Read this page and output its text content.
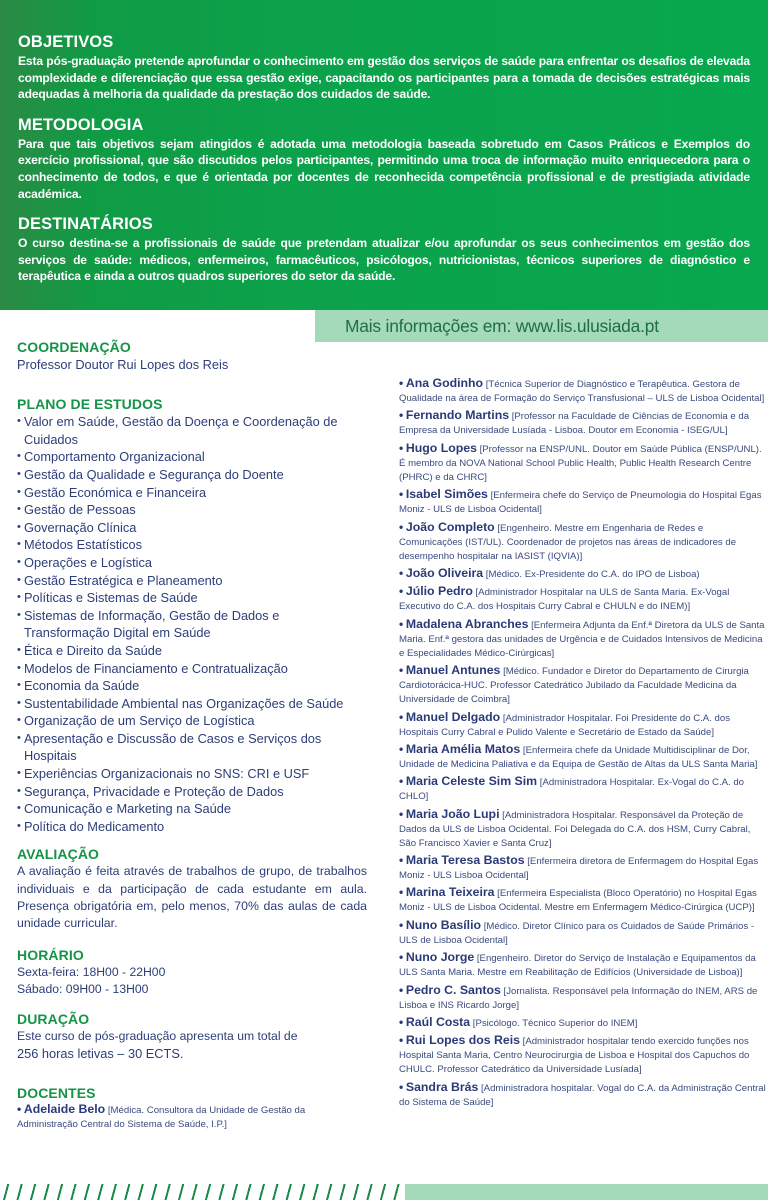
OBJETIVOS

Esta pós-graduação pretende aprofundar o conhecimento em gestão dos serviços de saúde para enfrentar os desafios de elevada complexidade e diferenciação que essa gestão exige, capacitando os participantes para a tomada de decisões estratégicas mais adequadas à melhoria da qualidade da prestação dos cuidados de saúde.

METODOLOGIA

Para que tais objetivos sejam atingidos é adotada uma metodologia baseada sobretudo em Casos Práticos e Exemplos do exercício profissional, que são discutidos pelos participantes, permitindo uma troca de informação muito enriquecedora para o conhecimento de todos, e que é orientada por docentes de reconhecida competência profissional e de prestigiada atividade académica.

DESTINATÁRIOS

O curso destina-se a profissionais de saúde que pretendam atualizar e/ou aprofundar os seus conhecimentos em gestão dos serviços de saúde: médicos, enfermeiros, farmacêuticos, psicólogos, nutricionistas, técnicos superiores de diagnóstico e terapêutica e ainda a outros quadros superiores do setor da saúde.

Mais informações em: www.lis.ulusiada.pt
COORDENAÇÃO
Professor Doutor Rui Lopes dos Reis
PLANO DE ESTUDOS
• Valor em Saúde, Gestão da Doença e Coordenação de Cuidados
• Comportamento Organizacional
• Gestão da Qualidade e Segurança do Doente
• Gestão Económica e Financeira
• Gestão de Pessoas
• Governação Clínica
• Métodos Estatísticos
• Operações e Logística
• Gestão Estratégica e Planeamento
• Políticas e Sistemas de Saúde
• Sistemas de Informação, Gestão de Dados e Transformação Digital em Saúde
• Ética e Direito da Saúde
• Modelos de Financiamento e Contratualização
• Economia da Saúde
• Sustentabilidade Ambiental nas Organizações de Saúde
• Organização de um Serviço de Logística
• Apresentação e Discussão de Casos e Serviços dos Hospitais
• Experiências Organizacionais no SNS: CRI e USF
• Segurança, Privacidade e Proteção de Dados
• Comunicação e Marketing na Saúde
• Política do Medicamento
AVALIAÇÃO
A avaliação é feita através de trabalhos de grupo, de trabalhos individuais e da participação de cada estudante em aula. Presença obrigatória em, pelo menos, 70% das aulas de cada unidade curricular.
HORÁRIO
Sexta-feira: 18H00 - 22H00
Sábado: 09H00 - 13H00
DURAÇÃO
Este curso de pós-graduação apresenta um total de
256 horas letivas – 30 ECTS.
DOCENTES
• Adelaide Belo [Médica. Consultora da Unidade de Gestão da Administração Central do Sistema de Saúde, I.P.]
• Ana Godinho [Técnica Superior de Diagnóstico e Terapêutica. Gestora de Qualidade na área de Formação do Serviço Transfusional – ULS de Lisboa Ocidental]
• Fernando Martins [Professor na Faculdade de Ciências de Economia e da Empresa da Universidade Lusíada - Lisboa. Doutor em Economia - ISEG/UL]
• Hugo Lopes [Professor na ENSP/UNL. Doutor em Saúde Pública (ENSP/UNL). É membro da NOVA National School Public Health, Public Health Research Centre (PHRC) e da CHRC]
• Isabel Simões [Enfermeira chefe do Serviço de Pneumologia do Hospital Egas Moniz - ULS de Lisboa Ocidental]
• João Completo [Engenheiro. Mestre em Engenharia de Redes e Comunicações (IST/UL). Coordenador de projetos nas áreas de indicadores de desempenho hospitalar na IASIST (IQVIA)]
• João Oliveira [Médico. Ex-Presidente do C.A. do IPO de Lisboa)
• Júlio Pedro [Administrador Hospitalar na ULS de Santa Maria. Ex-Vogal Executivo do C.A. dos Hospitais Curry Cabral e CHULN e do INEM)]
• Madalena Abranches [Enfermeira Adjunta da Enf.ª Diretora da ULS de Santa Maria. Enf.ª gestora das unidades de Urgência e de Cuidados Intensivos de Medicina e Especialidades Médico-Cirúrgicas]
• Manuel Antunes [Médico. Fundador e Diretor do Departamento de Cirurgia Cardiotorácica-HUC. Professor Catedrático Jubilado da Faculdade Medicina da Universidade de Coimbra]
• Manuel Delgado [Administrador Hospitalar. Foi Presidente do C.A. dos Hospitais Curry Cabral e Pulido Valente e Secretário de Estado da Saúde]
• Maria Amélia Matos [Enfermeira chefe da Unidade Multidisciplinar de Dor, Unidade de Medicina Paliativa e da Equipa de Gestão de Altas da ULS Santa Maria]
• Maria Celeste Sim Sim [Administradora Hospitalar. Ex-Vogal do C.A. do CHLO]
• Maria João Lupi [Administradora Hospitalar. Responsável da Proteção de Dados da ULS de Lisboa Ocidental. Foi Delegada do C.A. dos HSM, Curry Cabral, São Francisco Xavier e Santa Cruz]
• Maria Teresa Bastos [Enfermeira diretora de Enfermagem do Hospital Egas Moniz - ULS Lisboa Ocidental]
• Marina Teixeira [Enfermeira Especialista (Bloco Operatório) no Hospital Egas Moniz - ULS de Lisboa Ocidental. Mestre em Enfermagem Médico-Cirúrgica (UCP)]
• Nuno Basílio [Médico. Diretor Clínico para os Cuidados de Saúde Primários - ULS de Lisboa Ocidental]
• Nuno Jorge [Engenheiro. Diretor do Serviço de Instalação e Equipamentos da ULS Santa Maria. Mestre em Reabilitação de Edifícios (Universidade de Lisboa)]
• Pedro C. Santos [Jornalista. Responsável pela Informação do INEM, ARS de Lisboa e INS Ricardo Jorge]
• Raúl Costa [Psicólogo. Técnico Superior do INEM]
• Rui Lopes dos Reis [Administrador hospitalar tendo exercido funções nos Hospital Santa Maria, Centro Neurocirurgia de Lisboa e Hospital dos Capuchos do CHULC. Professor Catedrático da Universidade Lusíada]
• Sandra Brás [Administradora hospitalar. Vogal do C.A. da Administração Central do Sistema de Saúde]
